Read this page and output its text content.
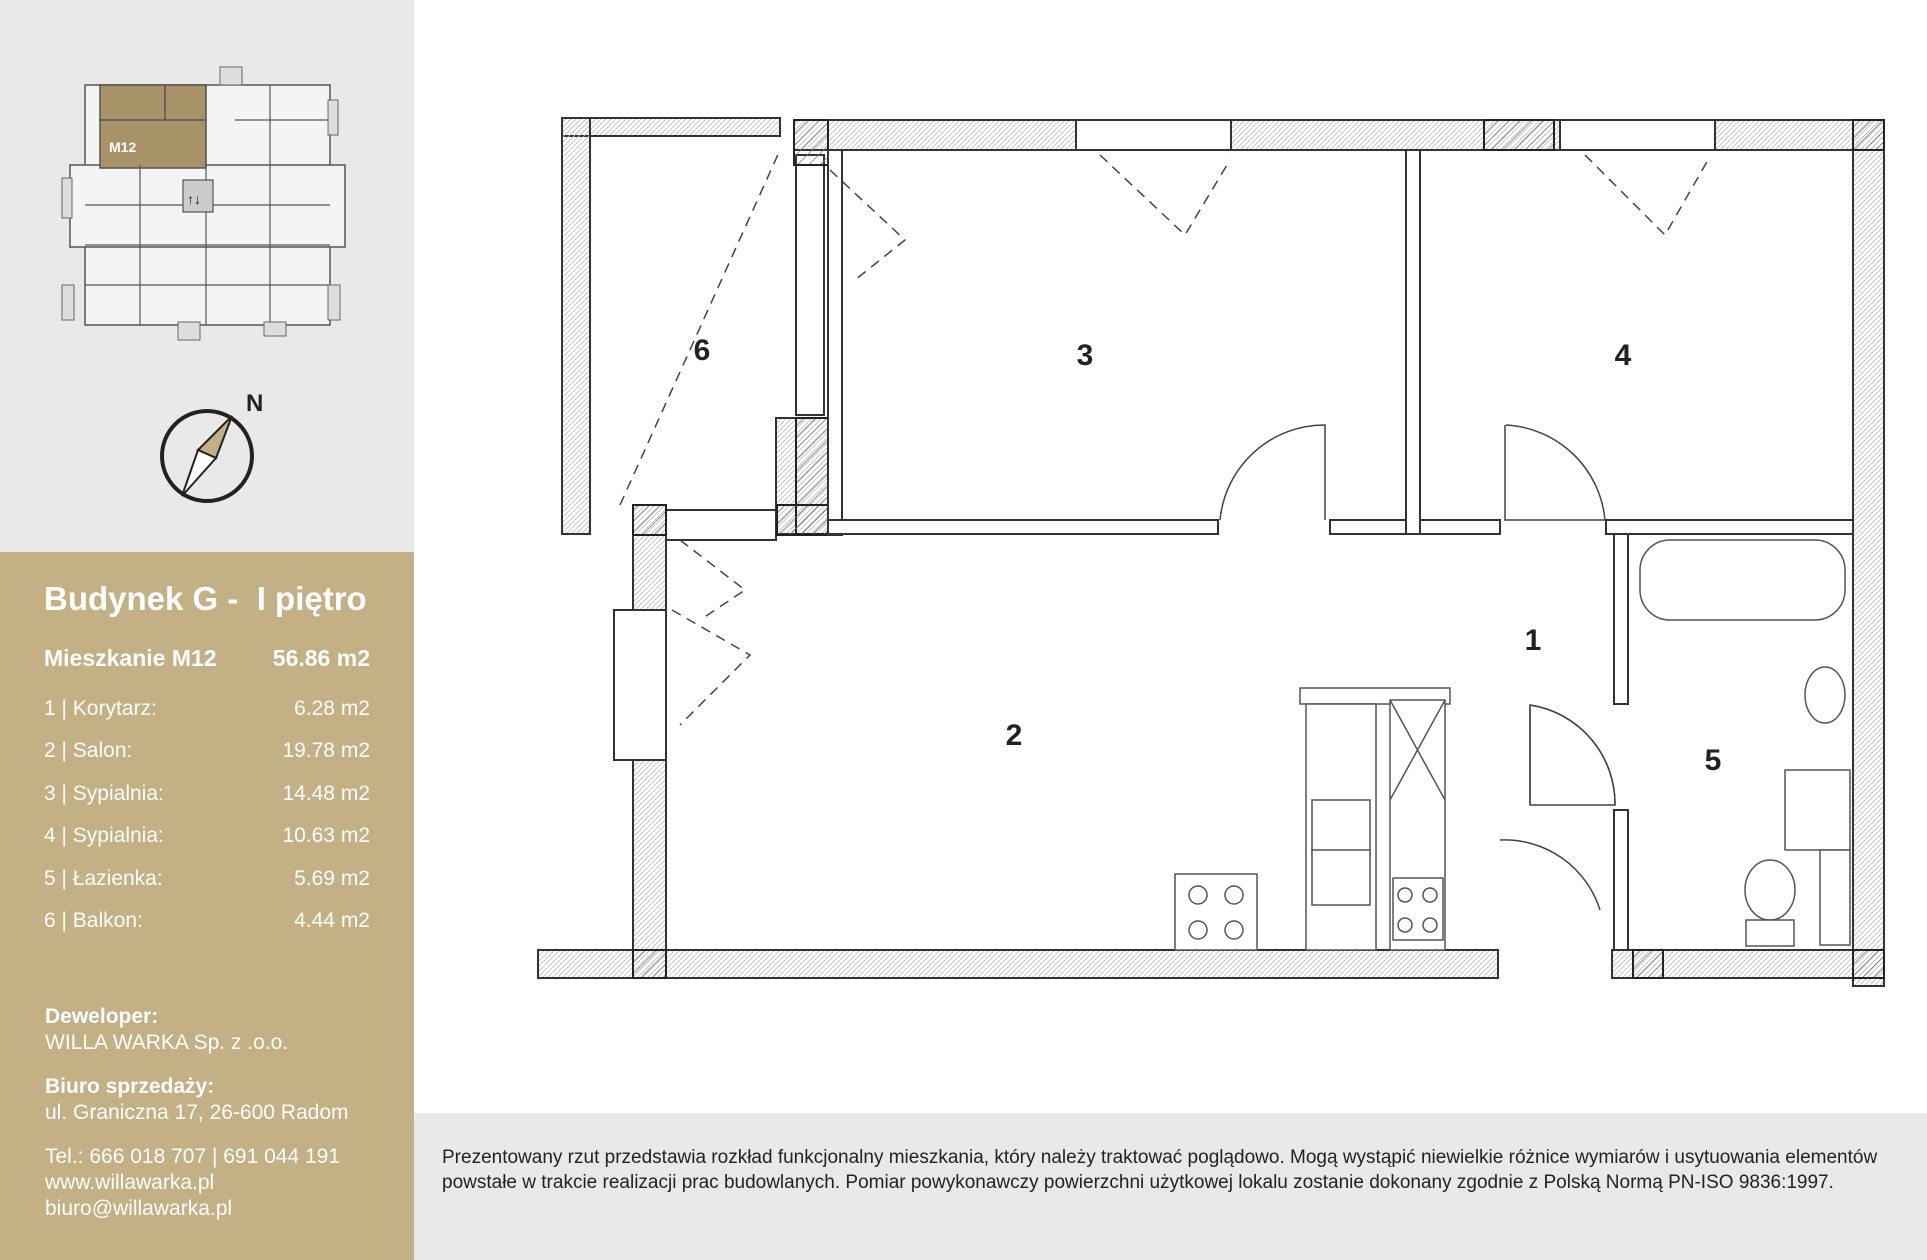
M12
↑↓
N
Budynek G -  I piętro
Mieszkanie M12 56.86 m2
1 | Korytarz:	6.28 m2
2 | Salon:	19.78 m2
3 | Sypialnia:	14.48 m2
4 | Sypialnia:	10.63 m2
5 | Łazienka:	5.69 m2
6 | Balkon:	4.44 m2
Deweloper:
WILLA WARKA Sp. z .o.o.
Biuro sprzedaży:
ul. Graniczna 17, 26-600 Radom
Tel.: 666 018 707 | 691 044 191
www.willawarka.pl
biuro@willawarka.pl
1
2
3	4
5
6
Prezentowany rzut przedstawia rozkład funkcjonalny mieszkania, który należy traktować poglądowo. Mogą wystąpić niewielkie różnice wymiarów i usytuowania elementów powstałe w trakcie realizacji prac budowlanych. Pomiar powykonawczy powierzchni użytkowej lokalu zostanie dokonany zgodnie z Polską Normą PN-ISO 9836:1997.
